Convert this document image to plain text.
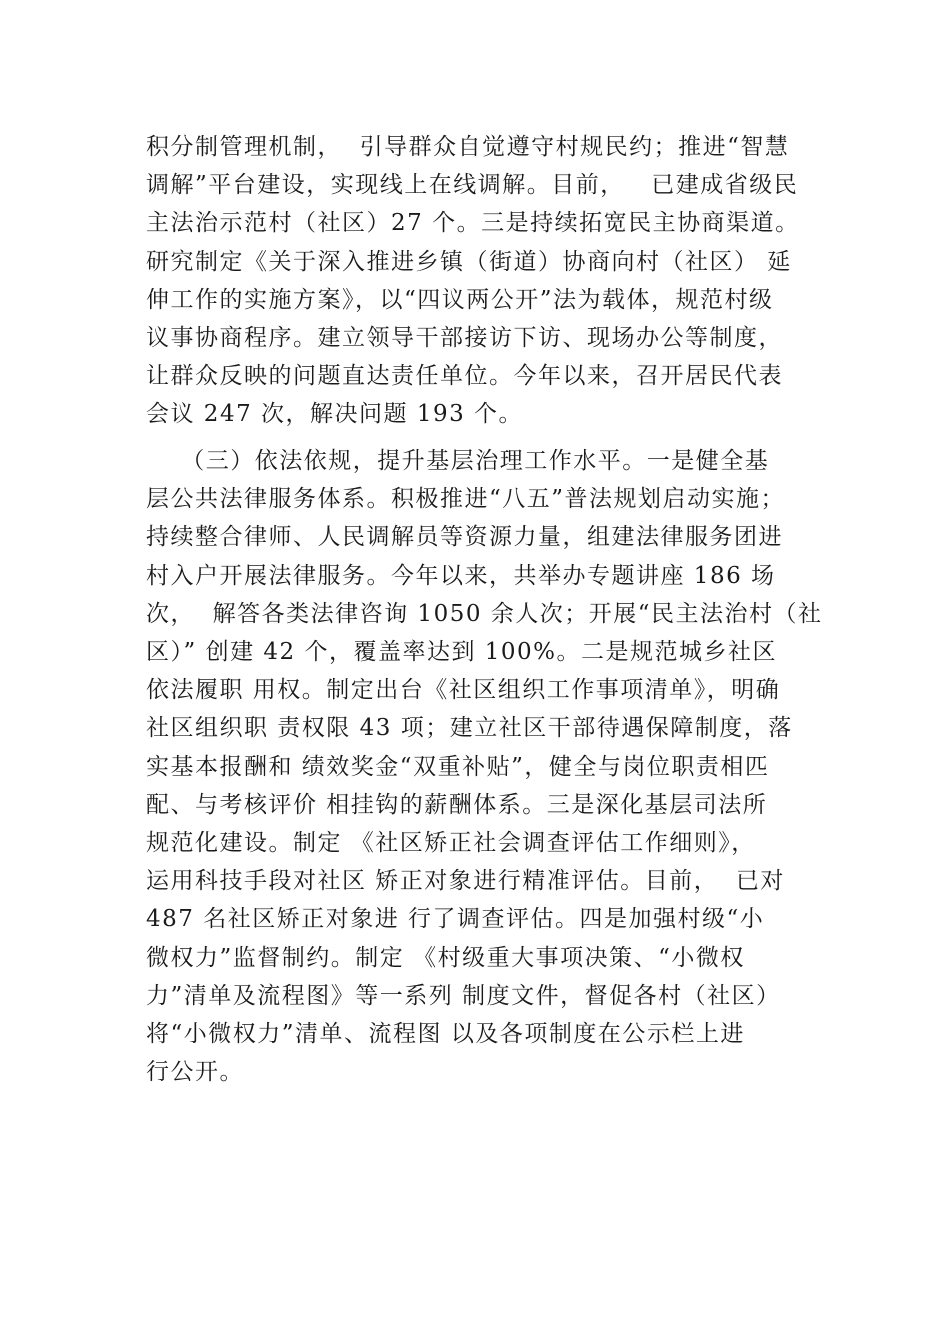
积分制管理机制，  引导群众自觉遵守村规民约；推进“智慧
调解”平台建设，实现线上在线调解。目前，   已建成省级民
主法治示范村（社区）27 个。三是持续拓宽民主协商渠道。
研究制定《关于深入推进乡镇（街道）协商向村（社区） 延
伸工作的实施方案》，以“四议两公开”法为载体，规范村级
议事协商程序。建立领导干部接访下访、现场办公等制度，
让群众反映的问题直达责任单位。今年以来，召开居民代表
会议 247 次，解决问题 193 个。
（三）依法依规，提升基层治理工作水平。一是健全基
层公共法律服务体系。积极推进“八五”普法规划启动实施；
持续整合律师、人民调解员等资源力量，组建法律服务团进
村入户开展法律服务。今年以来，共举办专题讲座 186 场
次，  解答各类法律咨询 1050 余人次；开展“民主法治村（社
区）” 创建 42 个，覆盖率达到 100%。二是规范城乡社区
依法履职 用权。制定出台《社区组织工作事项清单》，明确
社区组织职 责权限 43 项；建立社区干部待遇保障制度，落
实基本报酬和 绩效奖金“双重补贴”，健全与岗位职责相匹
配、与考核评价 相挂钩的薪酬体系。三是深化基层司法所
规范化建设。制定 《社区矫正社会调查评估工作细则》，
运用科技手段对社区 矫正对象进行精准评估。目前，  已对
487 名社区矫正对象进 行了调查评估。四是加强村级“小
微权力”监督制约。制定 《村级重大事项决策、“小微权
力”清单及流程图》等一系列 制度文件，督促各村（社区）
将“小微权力”清单、流程图 以及各项制度在公示栏上进
行公开。
